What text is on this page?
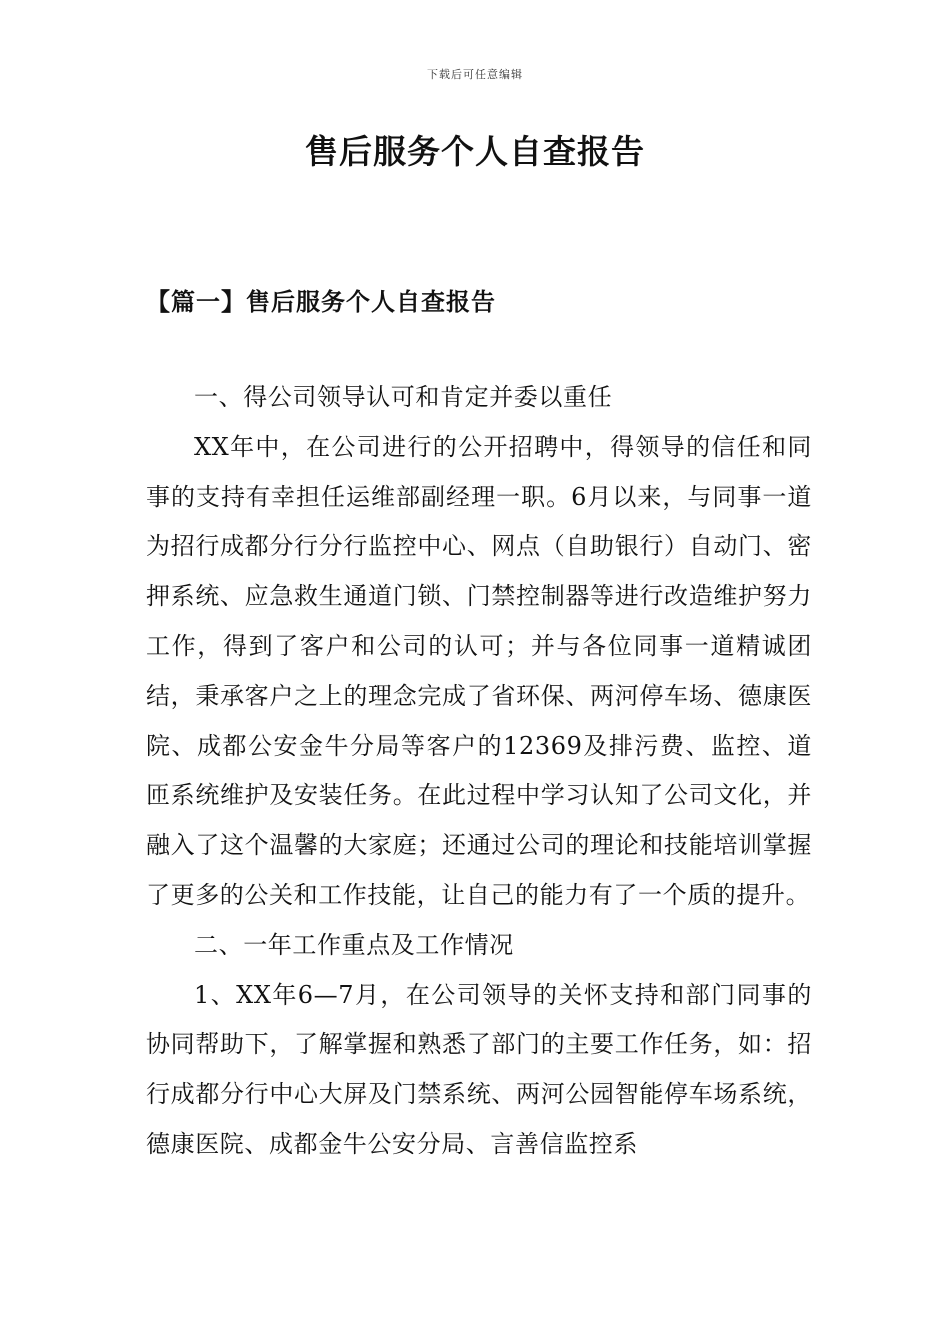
下载后可任意编辑
售后服务个人自查报告
【篇一】售后服务个人自查报告

一、得公司领导认可和肯定并委以重任

XX年中，在公司进行的公开招聘中，得领导的信任和同事的支持有幸担任运维部副经理一职。6月以来，与同事一道为招行成都分行分行监控中心、网点（自助银行）自动门、密押系统、应急救生通道门锁、门禁控制器等进行改造维护努力工作，得到了客户和公司的认可；并与各位同事一道精诚团结，秉承客户之上的理念完成了省环保、两河停车场、德康医院、成都公安金牛分局等客户的12369及排污费、监控、道匝系统维护及安装任务。在此过程中学习认知了公司文化，并融入了这个温馨的大家庭；还通过公司的理论和技能培训掌握了更多的公关和工作技能，让自己的能力有了一个质的提升。

二、一年工作重点及工作情况

1、XX年6—7月，在公司领导的关怀支持和部门同事的协同帮助下，了解掌握和熟悉了部门的主要工作任务，如：招行成都分行中心大屏及门禁系统、两河公园智能停车场系统，德康医院、成都金牛公安分局、言善信监控系
